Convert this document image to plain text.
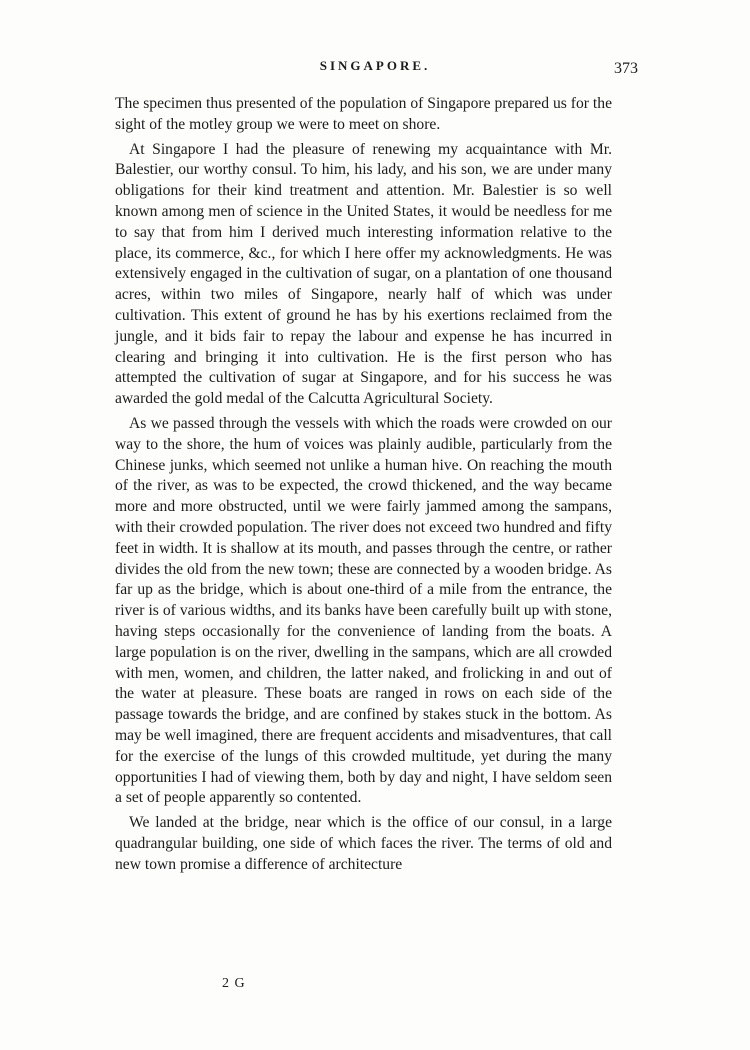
SINGAPORE.	373

The specimen thus presented of the population of Singapore prepared us for the sight of the motley group we were to meet on shore.

At Singapore I had the pleasure of renewing my acquaintance with Mr. Balestier, our worthy consul. To him, his lady, and his son, we are under many obligations for their kind treatment and attention. Mr. Balestier is so well known among men of science in the United States, it would be needless for me to say that from him I derived much interesting information relative to the place, its commerce, &c., for which I here offer my acknowledgments. He was extensively engaged in the cultivation of sugar, on a plantation of one thousand acres, within two miles of Singapore, nearly half of which was under cultivation. This extent of ground he has by his exertions reclaimed from the jungle, and it bids fair to repay the labour and expense he has incurred in clearing and bringing it into cultivation. He is the first person who has attempted the cultivation of sugar at Singapore, and for his success he was awarded the gold medal of the Calcutta Agricultural Society.

As we passed through the vessels with which the roads were crowded on our way to the shore, the hum of voices was plainly audible, particularly from the Chinese junks, which seemed not unlike a human hive. On reaching the mouth of the river, as was to be expected, the crowd thickened, and the way became more and more obstructed, until we were fairly jammed among the sampans, with their crowded population. The river does not exceed two hundred and fifty feet in width. It is shallow at its mouth, and passes through the centre, or rather divides the old from the new town; these are connected by a wooden bridge. As far up as the bridge, which is about one-third of a mile from the entrance, the river is of various widths, and its banks have been carefully built up with stone, having steps occasionally for the convenience of landing from the boats. A large population is on the river, dwelling in the sampans, which are all crowded with men, women, and children, the latter naked, and frolicking in and out of the water at pleasure. These boats are ranged in rows on each side of the passage towards the bridge, and are confined by stakes stuck in the bottom. As may be well imagined, there are frequent accidents and misadventures, that call for the exercise of the lungs of this crowded multitude, yet during the many opportunities I had of viewing them, both by day and night, I have seldom seen a set of people apparently so contented.

We landed at the bridge, near which is the office of our consul, in a large quadrangular building, one side of which faces the river. The terms of old and new town promise a difference of architecture

2 G
